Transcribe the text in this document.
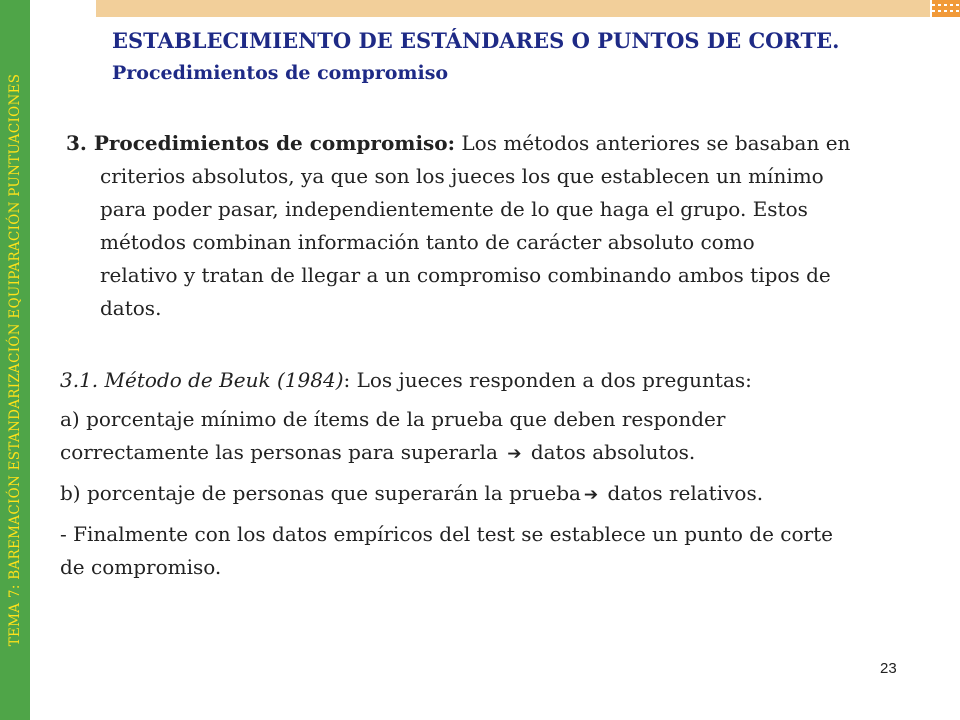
TEMA 7: BAREMACIÓN ESTANDARIZACIÓN EQUIPARACIÓN PUNTUACIONES
ESTABLECIMIENTO DE ESTÁNDARES O PUNTOS DE CORTE.
Procedimientos de compromiso
3. Procedimientos de compromiso: Los métodos anteriores se basaban en
criterios absolutos, ya que son los jueces los que establecen un mínimo
para poder pasar, independientemente de lo que haga el grupo. Estos
métodos combinan información tanto de carácter absoluto como
relativo y tratan de llegar a un compromiso combinando ambos tipos de
datos.

3.1. Método de Beuk (1984): Los jueces responden a dos preguntas:

a) porcentaje mínimo de ítems de la prueba que deben responder

correctamente las personas para superarla ➔ datos absolutos.

b) porcentaje de personas que superarán la prueba ➔ datos relativos.

- Finalmente con los datos empíricos del test se establece un punto de corte

de compromiso.

23
